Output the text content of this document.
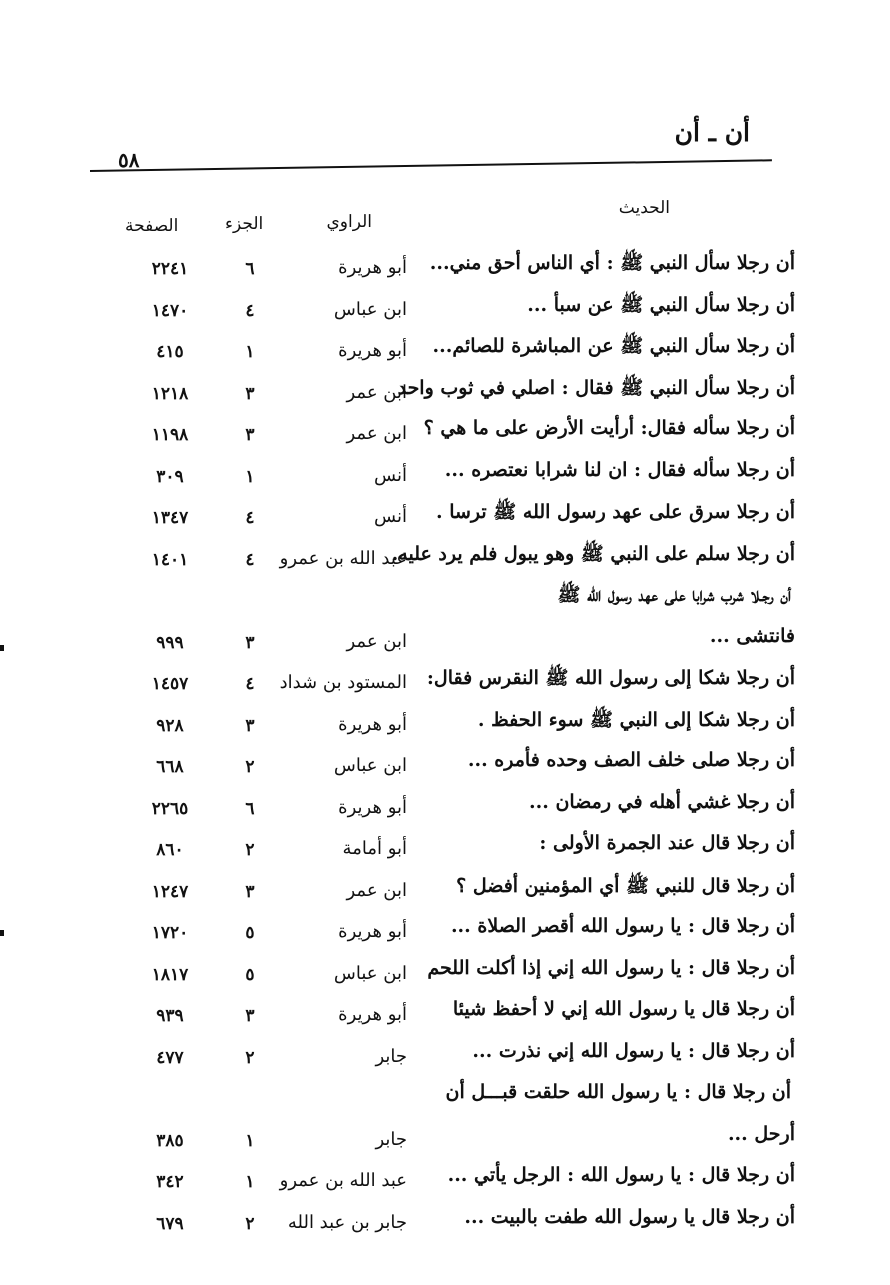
أن ـ أن
٥٨
الحديث
الراوي
الجزء
الصفحة
أن رجلا سأل النبي ﷺ : أي الناس أحق مني...
أبو هريرة
٦
٢٢٤١
أن رجلا سأل النبي ﷺ عن سبأ ...
ابن عباس
٤
١٤٧٠
أن رجلا سأل النبي ﷺ عن المباشرة للصائم...
أبو هريرة
١
٤١٥
أن رجلا سأل النبي ﷺ فقال : اصلي في ثوب واحد
ابن عمر
٣
١٢١٨
أن رجلا سأله فقال: أرأيت الأرض على ما هي ؟
ابن عمر
٣
١١٩٨
أن رجلا سأله فقال : ان لنا شرابا نعتصره ...
أنس
١
٣٠٩
أن رجلا سرق على عهد رسول الله ﷺ ترسا .
أنس
٤
١٣٤٧
أن رجلا سلم على النبي ﷺ وهو يبول فلم يرد عليه.
عبد الله بن عمرو
٤
١٤٠١
أن رجـلا شرب شرابا على عهد رسول الله ﷺ
فانتشى ...
ابن عمر
٣
٩٩٩
أن رجلا شكا إلى رسول الله ﷺ النقرس فقال:
المستود بن شداد
٤
١٤٥٧
أن رجلا شكا إلى النبي ﷺ سوء الحفظ .
أبو هريرة
٣
٩٢٨
أن رجلا صلى خلف الصف وحده فأمره ...
ابن عباس
٢
٦٦٨
أن رجلا غشي أهله في رمضان ...
أبو هريرة
٦
٢٢٦٥
أن رجلا قال عند الجمرة الأولى :
أبو أمامة
٢
٨٦٠
أن رجلا قال للنبي ﷺ أي المؤمنين أفضل ؟
ابن عمر
٣
١٢٤٧
أن رجلا قال : يا رسول الله أقصر الصلاة ...
أبو هريرة
٥
١٧٢٠
أن رجلا قال : يا رسول الله إني إذا أكلت اللحم
ابن عباس
٥
١٨١٧
أن رجلا قال يا رسول الله إني لا أحفظ شيئا
أبو هريرة
٣
٩٣٩
أن رجلا قال : يا رسول الله إني نذرت ...
جابر
٢
٤٧٧
أن رجلا قال : يا رسول الله حلقت قبـــل أن
أرحل ...
جابر
١
٣٨٥
أن رجلا قال : يا رسول الله : الرجل يأتي ...
عبد الله بن عمرو
١
٣٤٢
أن رجلا قال يا رسول الله طفت بالبيت ...
جابر بن عبد الله
٢
٦٧٩
